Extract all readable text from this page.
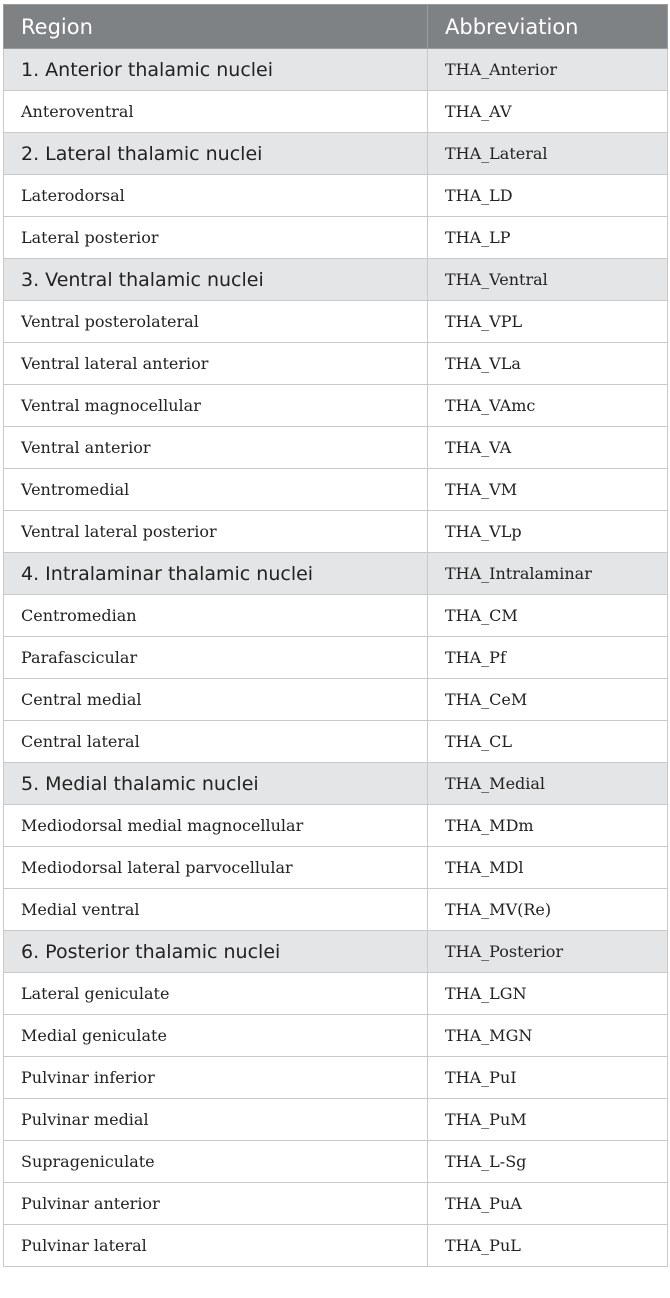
Region	Abbreviation
1. Anterior thalamic nuclei	THA_Anterior
Anteroventral	THA_AV
2. Lateral thalamic nuclei	THA_Lateral
Laterodorsal	THA_LD
Lateral posterior	THA_LP
3. Ventral thalamic nuclei	THA_Ventral
Ventral posterolateral	THA_VPL
Ventral lateral anterior	THA_VLa
Ventral magnocellular	THA_VAmc
Ventral anterior	THA_VA
Ventromedial	THA_VM
Ventral lateral posterior	THA_VLp
4. Intralaminar thalamic nuclei	THA_Intralaminar
Centromedian	THA_CM
Parafascicular	THA_Pf
Central medial	THA_CeM
Central lateral	THA_CL
5. Medial thalamic nuclei	THA_Medial
Mediodorsal medial magnocellular	THA_MDm
Mediodorsal lateral parvocellular	THA_MDl
Medial ventral	THA_MV(Re)
6. Posterior thalamic nuclei	THA_Posterior
Lateral geniculate	THA_LGN
Medial geniculate	THA_MGN
Pulvinar inferior	THA_PuI
Pulvinar medial	THA_PuM
Suprageniculate	THA_L-Sg
Pulvinar anterior	THA_PuA
Pulvinar lateral	THA_PuL
